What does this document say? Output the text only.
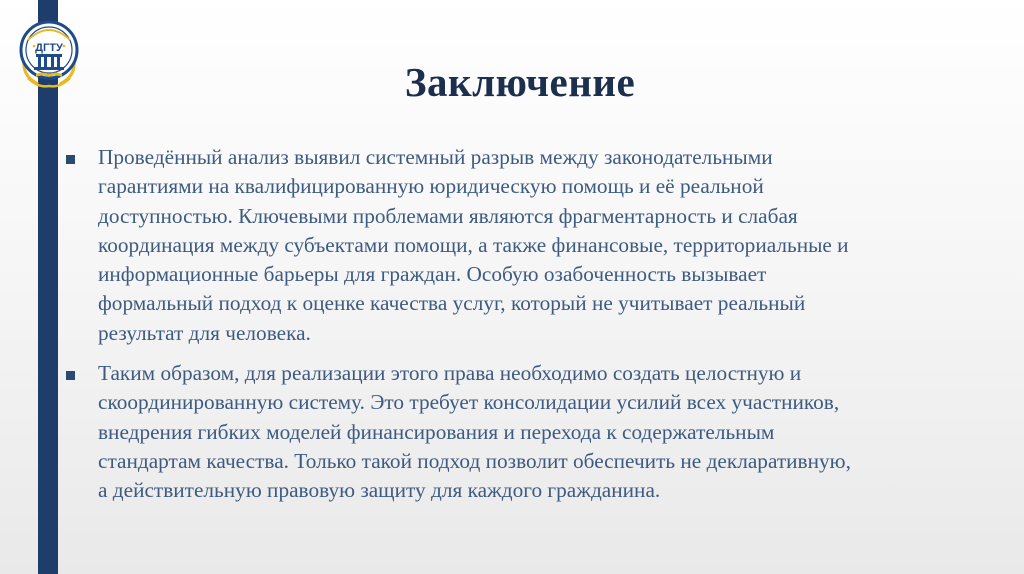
ДГТУ
Заключение
Проведённый анализ выявил системный разрыв между законодательными
гарантиями на квалифицированную юридическую помощь и её реальной
доступностью. Ключевыми проблемами являются фрагментарность и слабая
координация между субъектами помощи, а также финансовые, территориальные и
информационные барьеры для граждан. Особую озабоченность вызывает
формальный подход к оценке качества услуг, который не учитывает реальный
результат для человека.
Таким образом, для реализации этого права необходимо создать целостную и
скоординированную систему. Это требует консолидации усилий всех участников,
внедрения гибких моделей финансирования и перехода к содержательным
стандартам качества. Только такой подход позволит обеспечить не декларативную,
а действительную правовую защиту для каждого гражданина.
